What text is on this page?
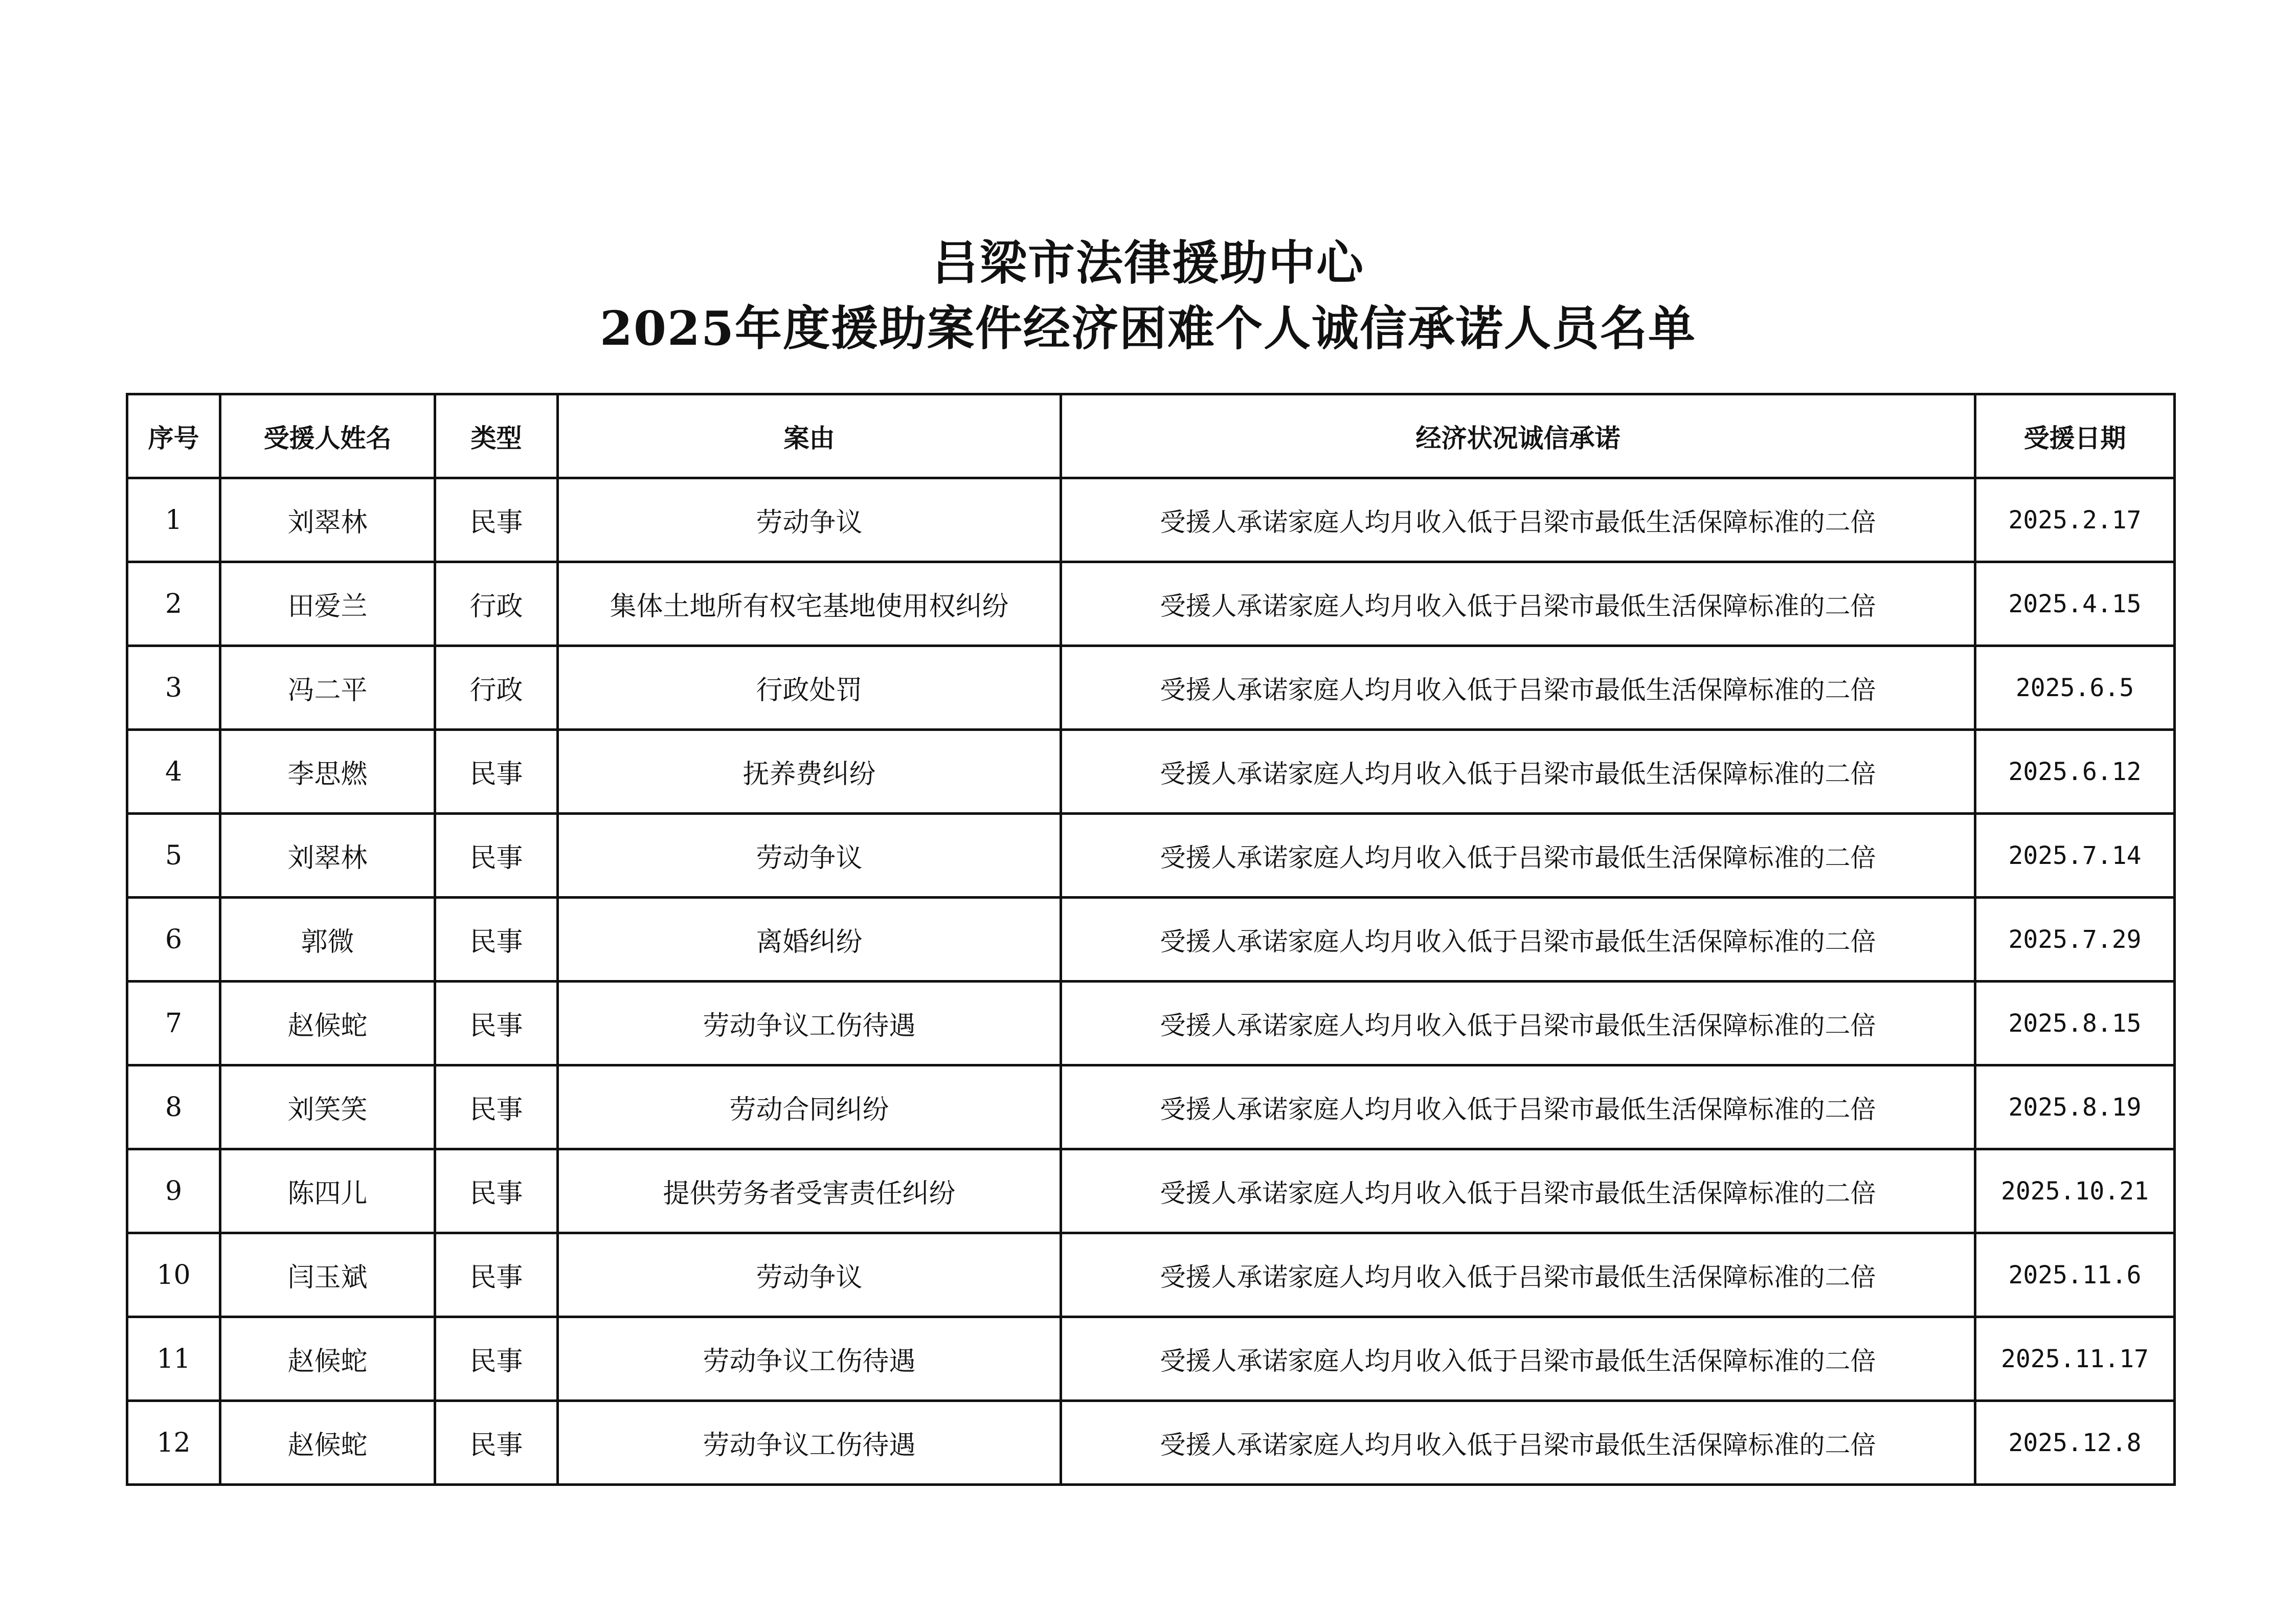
吕梁市法律援助中心
2025年度援助案件经济困难个人诚信承诺人员名单
序号	受援人姓名	类型	案由	经济状况诚信承诺	受援日期
1	刘翠林	民事	劳动争议	受援人承诺家庭人均月收入低于吕梁市最低生活保障标准的二倍	2025.2.17
2	田爱兰	行政	集体土地所有权宅基地使用权纠纷	受援人承诺家庭人均月收入低于吕梁市最低生活保障标准的二倍	2025.4.15
3	冯二平	行政	行政处罚	受援人承诺家庭人均月收入低于吕梁市最低生活保障标准的二倍	2025.6.5
4	李思燃	民事	抚养费纠纷	受援人承诺家庭人均月收入低于吕梁市最低生活保障标准的二倍	2025.6.12
5	刘翠林	民事	劳动争议	受援人承诺家庭人均月收入低于吕梁市最低生活保障标准的二倍	2025.7.14
6	郭微	民事	离婚纠纷	受援人承诺家庭人均月收入低于吕梁市最低生活保障标准的二倍	2025.7.29
7	赵候蛇	民事	劳动争议工伤待遇	受援人承诺家庭人均月收入低于吕梁市最低生活保障标准的二倍	2025.8.15
8	刘笑笑	民事	劳动合同纠纷	受援人承诺家庭人均月收入低于吕梁市最低生活保障标准的二倍	2025.8.19
9	陈四儿	民事	提供劳务者受害责任纠纷	受援人承诺家庭人均月收入低于吕梁市最低生活保障标准的二倍	2025.10.21
10	闫玉斌	民事	劳动争议	受援人承诺家庭人均月收入低于吕梁市最低生活保障标准的二倍	2025.11.6
11	赵候蛇	民事	劳动争议工伤待遇	受援人承诺家庭人均月收入低于吕梁市最低生活保障标准的二倍	2025.11.17
12	赵候蛇	民事	劳动争议工伤待遇	受援人承诺家庭人均月收入低于吕梁市最低生活保障标准的二倍	2025.12.8
